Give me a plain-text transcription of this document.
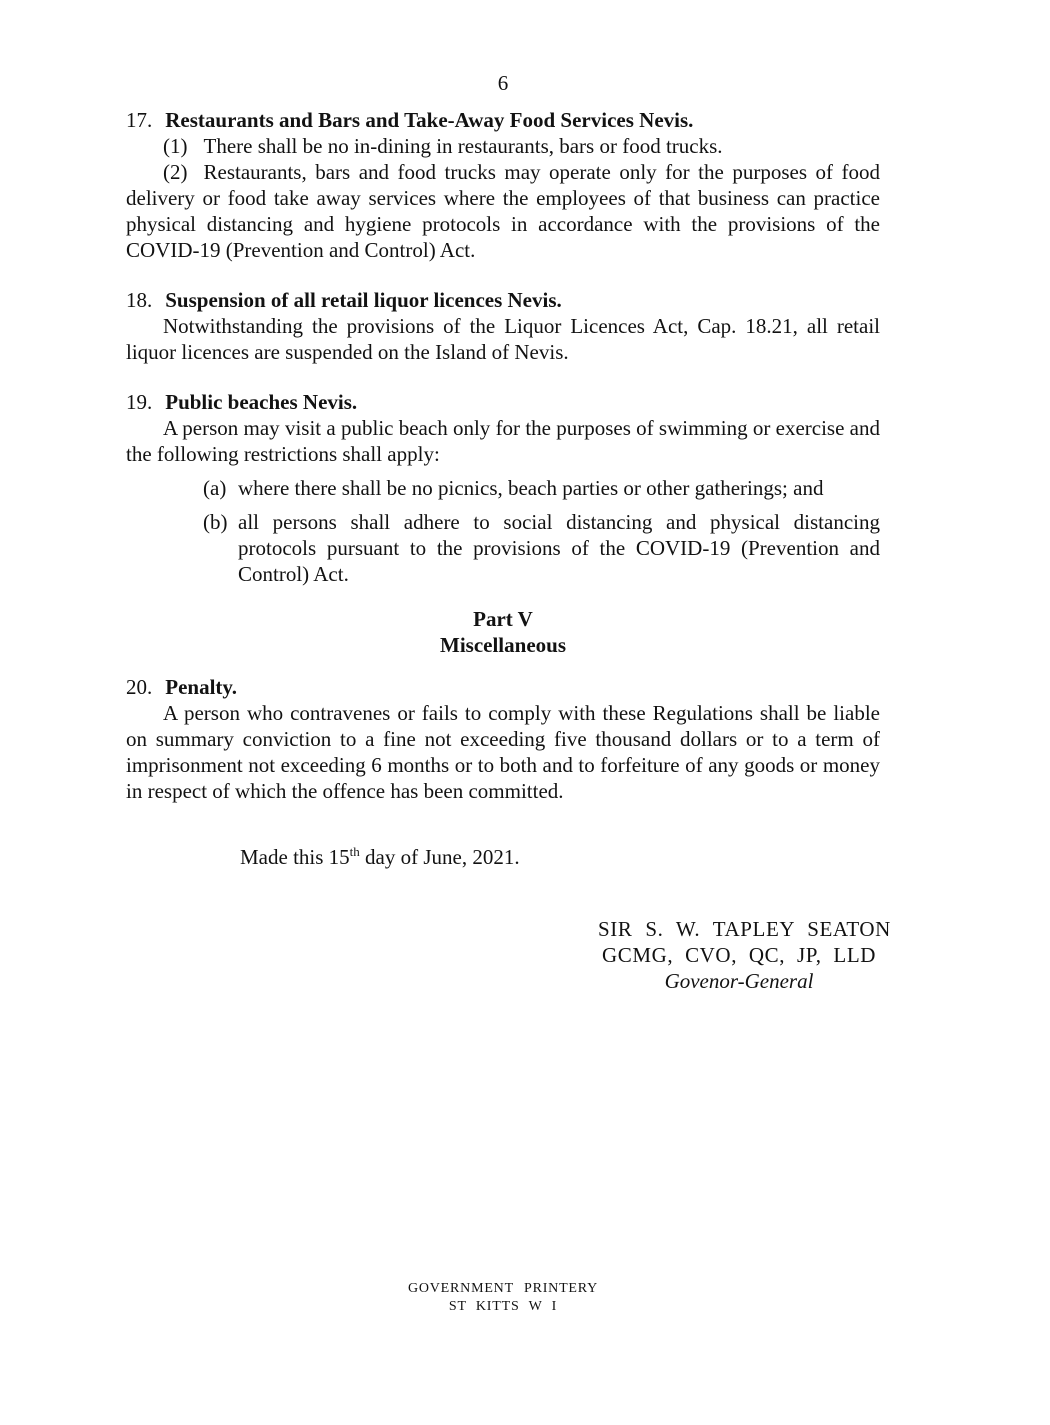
6
17. Restaurants and Bars and Take-Away Food Services Nevis.

(1) There shall be no in-dining in restaurants, bars or food trucks.

(2) Restaurants, bars and food trucks may operate only for the purposes of food delivery or food take away services where the employees of that business can practice physical distancing and hygiene protocols in accordance with the provisions of the COVID-19 (Prevention and Control) Act.

18. Suspension of all retail liquor licences Nevis.

Notwithstanding the provisions of the Liquor Licences Act, Cap. 18.21, all retail liquor licences are suspended on the Island of Nevis.

19. Public beaches Nevis.

A person may visit a public beach only for the purposes of swimming or exercise and the following restrictions shall apply:

(a) where there shall be no picnics, beach parties or other gatherings; and
(b) all persons shall adhere to social distancing and physical distancing protocols pursuant to the provisions of the COVID-19 (Prevention and Control) Act.
Part V
Miscellaneous
20. Penalty.

A person who contravenes or fails to comply with these Regulations shall be liable on summary conviction to a fine not exceeding five thousand dollars or to a term of imprisonment not exceeding 6 months or to both and to forfeiture of any goods or money in respect of which the offence has been committed.

Made this 15th day of June, 2021.
SIR S. W. TAPLEY SEATON
GCMG, CVO, QC, JP, LLD
Govenor-General
GOVERNMENT PRINTERY
ST KITTS W I
